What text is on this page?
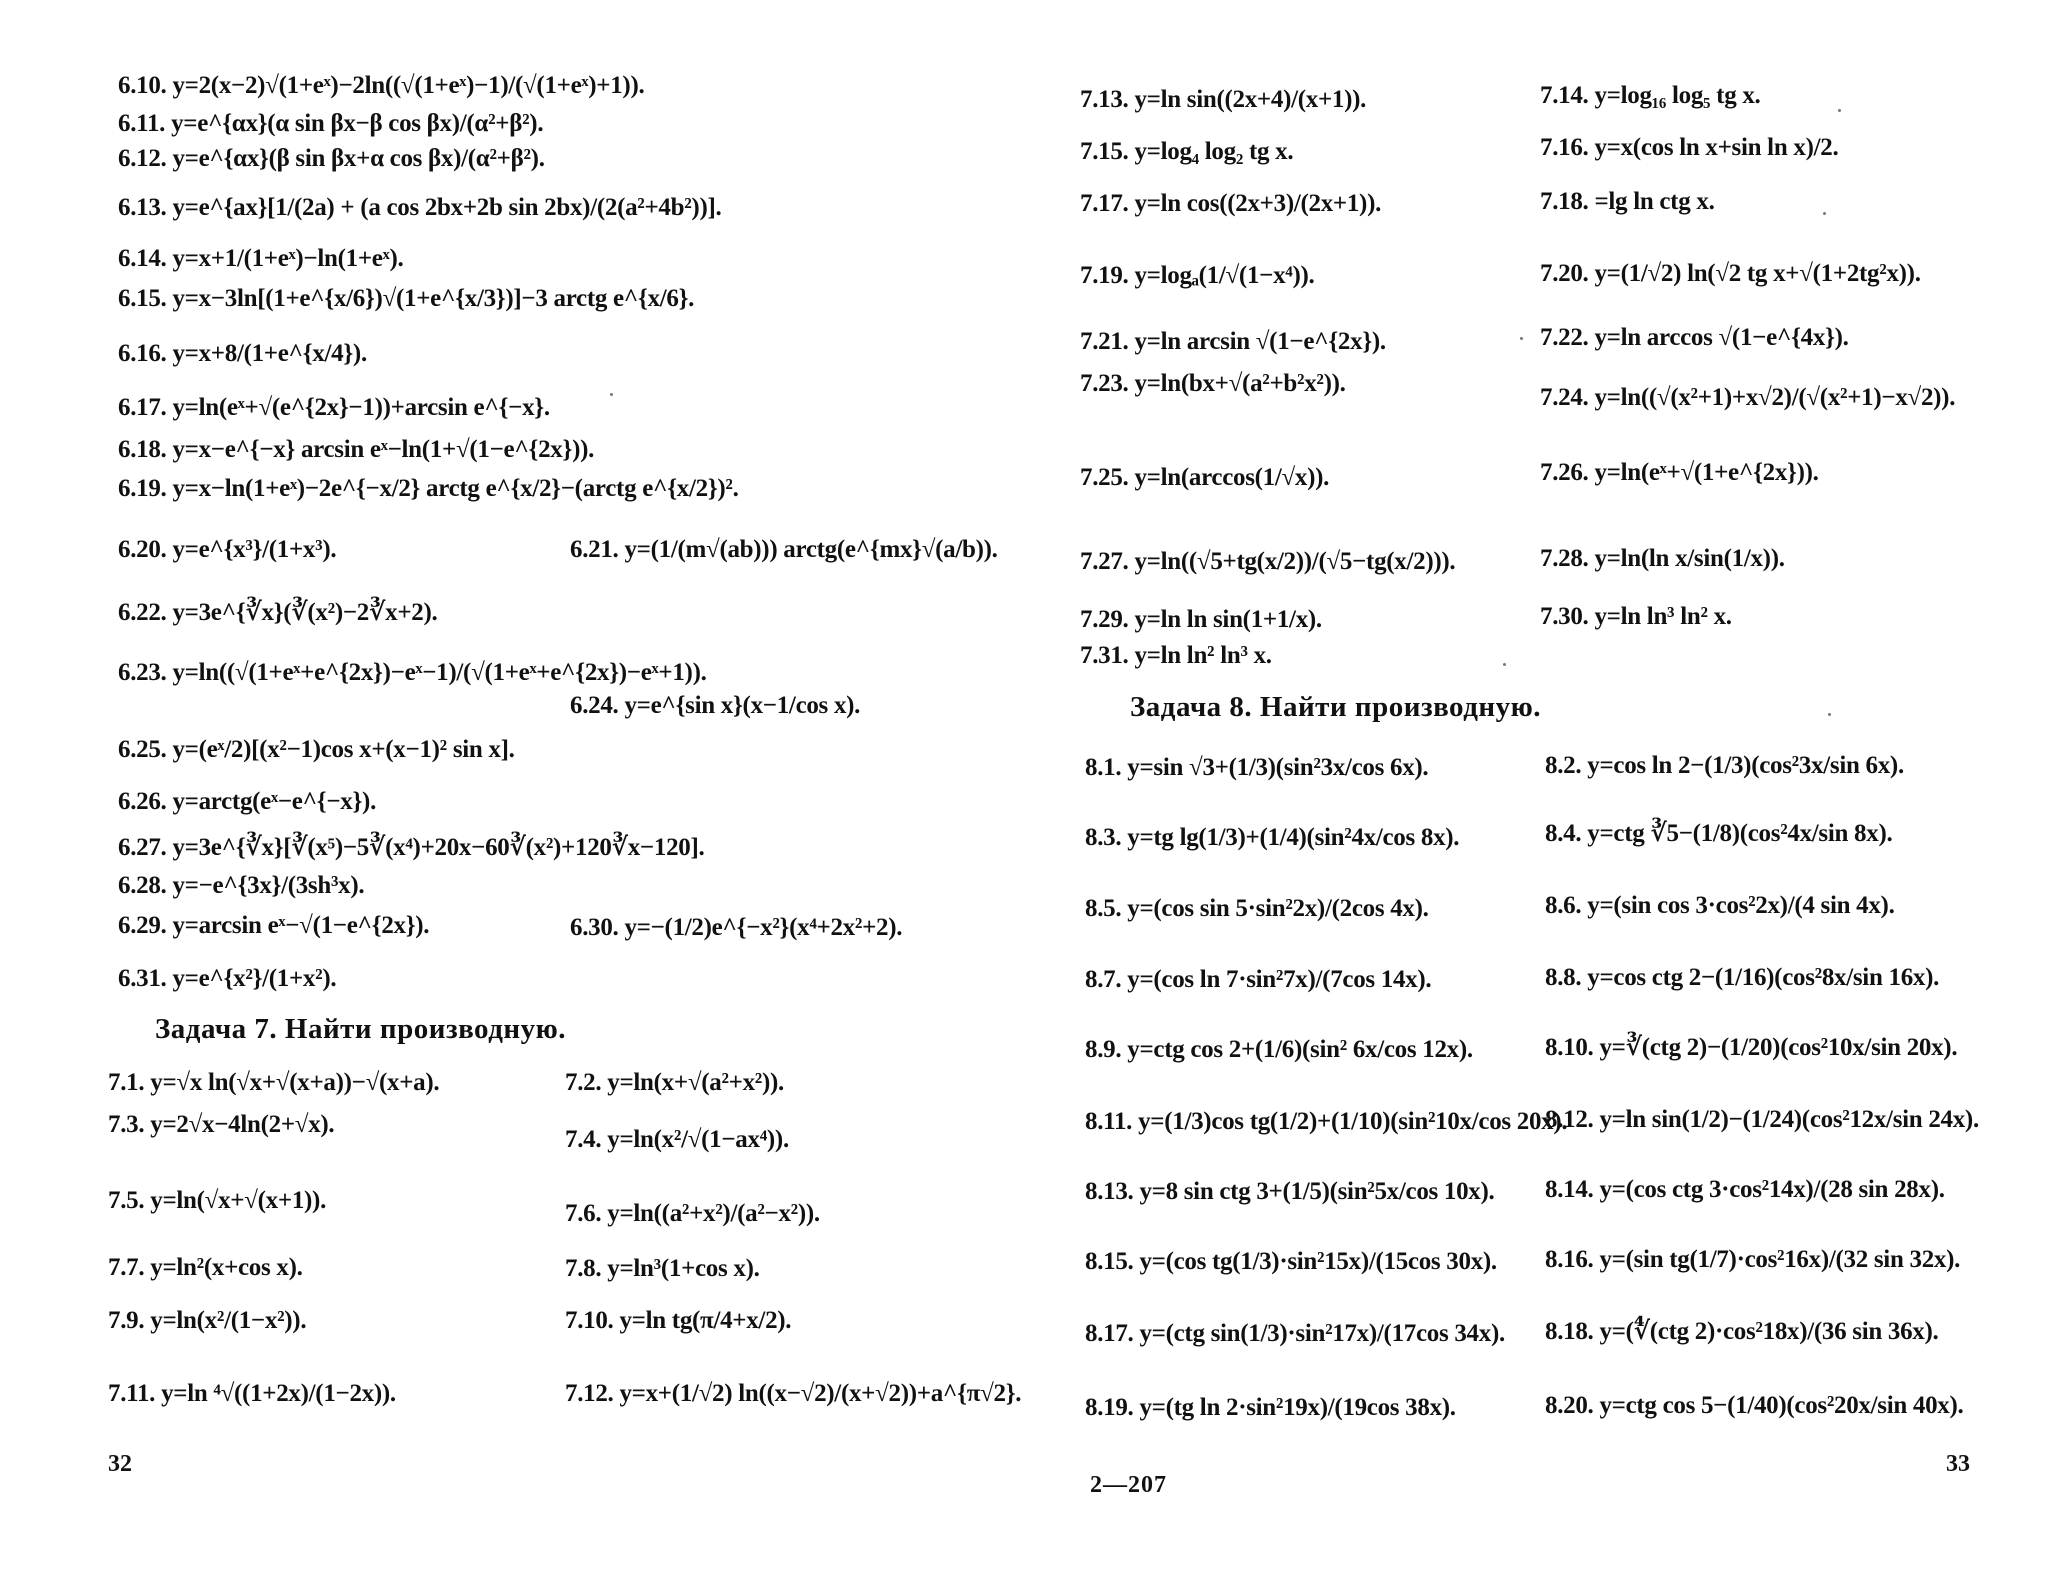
6.10. y=2(x−2)√(1+eˣ)−2ln((√(1+eˣ)−1)/(√(1+eˣ)+1)).
6.11. y=e^{αx}(α sin βx−β cos βx)/(α²+β²).
6.12. y=e^{αx}(β sin βx+α cos βx)/(α²+β²).
6.13. y=e^{ax}[1/(2a) + (a cos 2bx+2b sin 2bx)/(2(a²+4b²))].
6.14. y=x+1/(1+eˣ)−ln(1+eˣ).
6.15. y=x−3ln[(1+e^{x/6})√(1+e^{x/3})]−3 arctg e^{x/6}.
6.16. y=x+8/(1+e^{x/4}).
6.17. y=ln(eˣ+√(e^{2x}−1))+arcsin e^{−x}.
6.18. y=x−e^{−x} arcsin eˣ−ln(1+√(1−e^{2x})).
6.19. y=x−ln(1+eˣ)−2e^{−x/2} arctg e^{x/2}−(arctg e^{x/2})².
6.20. y=e^{x³}/(1+x³).	6.21. y=(1/(m√(ab))) arctg(e^{mx}√(a/b)).
6.22. y=3e^{∛x}(∛(x²)−2∛x+2).
6.23. y=ln((√(1+eˣ+e^{2x})−eˣ−1)/(√(1+eˣ+e^{2x})−eˣ+1)).
6.24. y=e^{sin x}(x−1/cos x).
6.25. y=(eˣ/2)[(x²−1)cos x+(x−1)² sin x].
6.26. y=arctg(eˣ−e^{−x}).
6.27. y=3e^{∛x}[∛(x⁵)−5∛(x⁴)+20x−60∛(x²)+120∛x−120].
6.28. y=−e^{3x}/(3sh³x).
6.29. y=arcsin eˣ−√(1−e^{2x}).	6.30. y=−(1/2)e^{−x²}(x⁴+2x²+2).
6.31. y=e^{x²}/(1+x²).
Задача 7. Найти производную.
7.1. y=√x ln(√x+√(x+a))−√(x+a).	7.2. y=ln(x+√(a²+x²)).
7.3. y=2√x−4ln(2+√x).
7.4. y=ln(x²/√(1−ax⁴)).
7.5. y=ln(√x+√(x+1)).	7.6. y=ln((a²+x²)/(a²−x²)).
7.7. y=ln²(x+cos x).	7.8. y=ln³(1+cos x).
7.9. y=ln(x²/(1−x²)).	7.10. y=ln tg(π/4+x/2).
7.11. y=ln ⁴√((1+2x)/(1−2x)).	7.12. y=x+(1/√2) ln((x−√2)/(x+√2))+a^{π√2}.
32
7.13. y=ln sin((2x+4)/(x+1)).	7.14. y=log₁₆ log₅ tg x.
7.15. y=log₄ log₂ tg x.	7.16. y=x(cos ln x+sin ln x)/2.
7.17. y=ln cos((2x+3)/(2x+1)).	7.18. =lg ln ctg x.
7.19. y=logₐ(1/√(1−x⁴)).	7.20. y=(1/√2) ln(√2 tg x+√(1+2tg²x)).
7.21. y=ln arcsin √(1−e^{2x}).	7.22. y=ln arccos √(1−e^{4x}).
7.23. y=ln(bx+√(a²+b²x²)).
7.24. y=ln((√(x²+1)+x√2)/(√(x²+1)−x√2)).
7.25. y=ln(arccos(1/√x)).	7.26. y=ln(eˣ+√(1+e^{2x})).
7.27. y=ln((√5+tg(x/2))/(√5−tg(x/2))).	7.28. y=ln(ln x/sin(1/x)).
7.29. y=ln ln sin(1+1/x).	7.30. y=ln ln³ ln² x.
7.31. y=ln ln² ln³ x.
Задача 8. Найти производную.
8.1. y=sin √3+(1/3)(sin²3x/cos 6x).	8.2. y=cos ln 2−(1/3)(cos²3x/sin 6x).
8.3. y=tg lg(1/3)+(1/4)(sin²4x/cos 8x).	8.4. y=ctg ∛5−(1/8)(cos²4x/sin 8x).
8.5. y=(cos sin 5·sin²2x)/(2cos 4x).	8.6. y=(sin cos 3·cos²2x)/(4 sin 4x).
8.7. y=(cos ln 7·sin²7x)/(7cos 14x).	8.8. y=cos ctg 2−(1/16)(cos²8x/sin 16x).
8.9. y=ctg cos 2+(1/6)(sin² 6x/cos 12x).	8.10. y=∛(ctg 2)−(1/20)(cos²10x/sin 20x).
8.11. y=(1/3)cos tg(1/2)+(1/10)(sin²10x/cos 20x).
8.12. y=ln sin(1/2)−(1/24)(cos²12x/sin 24x).
8.13. y=8 sin ctg 3+(1/5)(sin²5x/cos 10x). 8.14. y=(cos ctg 3·cos²14x)/(28 sin 28x).
8.15. y=(cos tg(1/3)·sin²15x)/(15cos 30x). 8.16. y=(sin tg(1/7)·cos²16x)/(32 sin 32x).
8.17. y=(ctg sin(1/3)·sin²17x)/(17cos 34x). 8.18. y=(∜(ctg 2)·cos²18x)/(36 sin 36x).
8.19. y=(tg ln 2·sin²19x)/(19cos 38x).	8.20. y=ctg cos 5−(1/40)(cos²20x/sin 40x).
2—207
33
